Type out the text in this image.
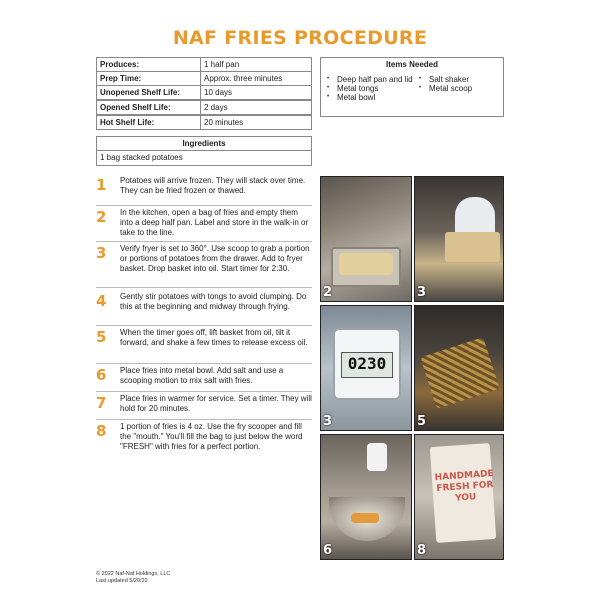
NAF FRIES PROCEDURE
Produces:	1 half pan
Prep Time:	Approx. three minutes
Unopened Shelf Life:	10 days
Opened Shelf Life:	2 days
Hot Shelf Life:	20 minutes
Items Needed
• Deep half pan and lid
• Metal tongs
• Metal bowl
• Salt shaker
• Metal scoop
Ingredients
1 bag stacked potatoes
1	Potatoes will arrive frozen. They will stack over time. They can be fried frozen or thawed.
2	In the kitchen, open a bag of fries and empty them into a deep half pan. Label and store in the walk-in or take to the line.
3	Verify fryer is set to 360°. Use scoop to grab a portion or portions of potatoes from the drawer. Add to fryer basket. Drop basket into oil. Start timer for 2:30.
4	Gently stir potatoes with tongs to avoid clumping. Do this at the beginning and midway through frying.
5	When the timer goes off, lift basket from oil, tilt it forward, and shake a few times to release excess oil.
6	Place fries into metal bowl. Add salt and use a scooping motion to mix salt with fries.
7	Place fries in warmer for service. Set a timer. They will hold for 20 minutes.
8	1 portion of fries is 4 oz. Use the fry scooper and fill the "mouth." You'll fill the bag to just below the word "FRESH" with fries for a perfect portion.
2	3
0230
3	5
6
HANDMADE FRESH FOR YOU
8
© 2022 Naf-Naf Holdings, LLC
Last updated 5/20/22
